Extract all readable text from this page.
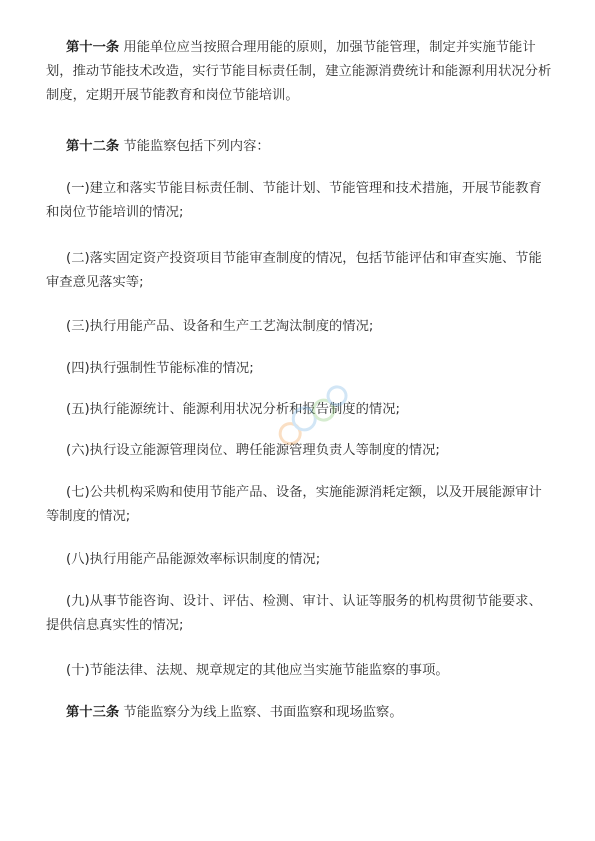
第十一条 用能单位应当按照合理用能的原则，加强节能管理，制定并实施节能计划，推动节能技术改造，实行节能目标责任制，建立能源消费统计和能源利用状况分析制度，定期开展节能教育和岗位节能培训。

第十二条 节能监察包括下列内容：

(一)建立和落实节能目标责任制、节能计划、节能管理和技术措施，开展节能教育和岗位节能培训的情况;

(二)落实固定资产投资项目节能审查制度的情况，包括节能评估和审查实施、节能审查意见落实等;

(三)执行用能产品、设备和生产工艺淘汰制度的情况;

(四)执行强制性节能标准的情况;

(五)执行能源统计、能源利用状况分析和报告制度的情况;

(六)执行设立能源管理岗位、聘任能源管理负责人等制度的情况;

(七)公共机构采购和使用节能产品、设备，实施能源消耗定额，以及开展能源审计等制度的情况;

(八)执行用能产品能源效率标识制度的情况;

(九)从事节能咨询、设计、评估、检测、审计、认证等服务的机构贯彻节能要求、提供信息真实性的情况;

(十)节能法律、法规、规章规定的其他应当实施节能监察的事项。

第十三条 节能监察分为线上监察、书面监察和现场监察。
